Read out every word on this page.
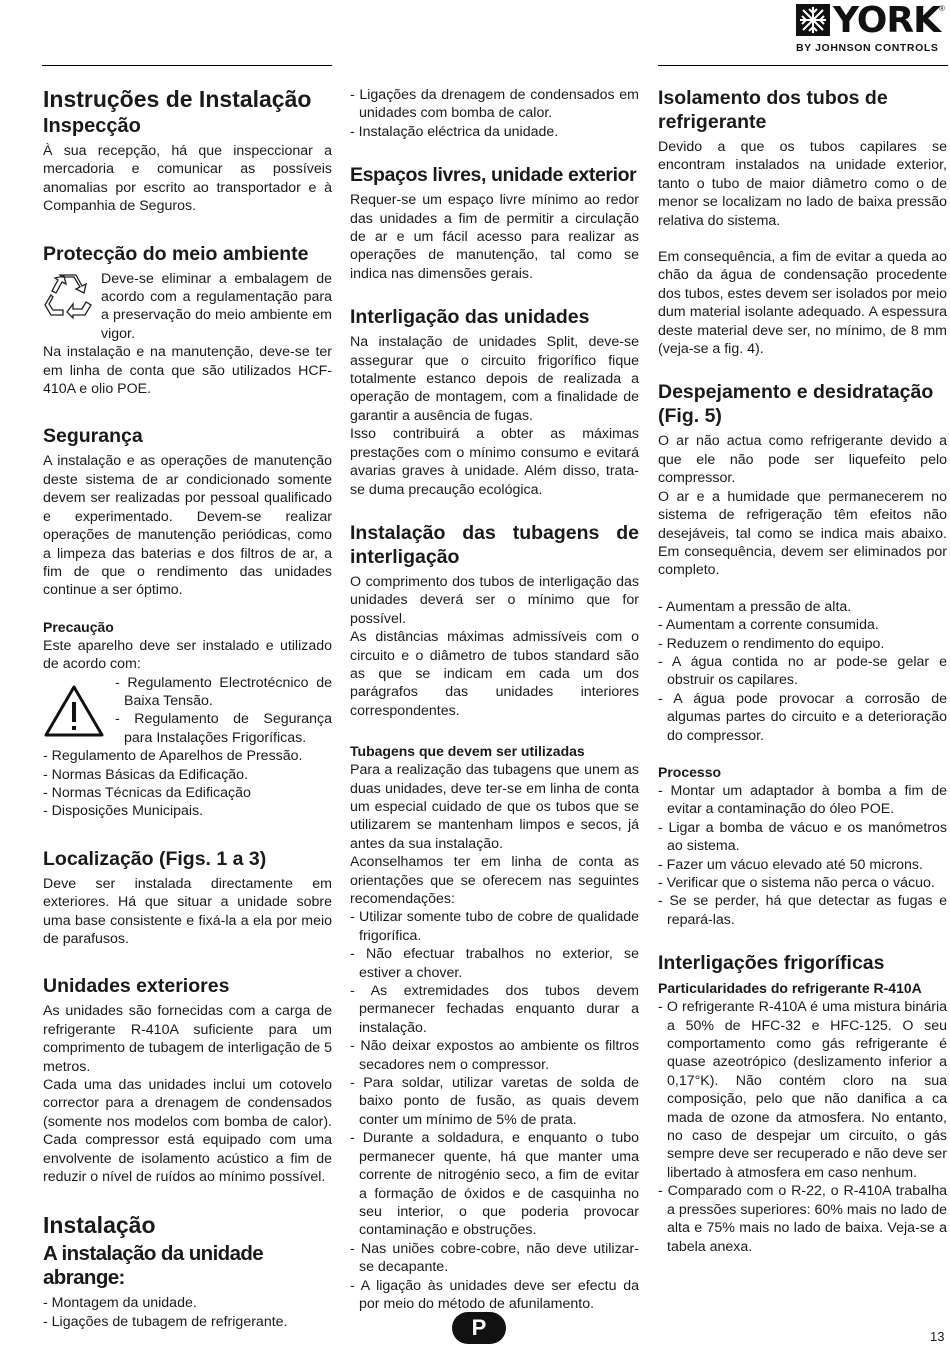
YORK
®
BY JOHNSON CONTROLS
Instruções de Instalação
Inspecção

À sua recepção, há que inspeccionar a mercadoria e comunicar as possíveis anomalias por escrito ao transportador e à Companhia de Seguros.

Protecção do meio ambiente

Deve-se eliminar a embalagem de acordo com a regulamentação para a preservação do meio ambiente em vigor.

Na instalação e na manutenção, deve-se ter em linha de conta que são utilizados HCF-410A e olio POE.

Segurança

A instalação e as operações de manutenção deste sistema de ar condicionado somente devem ser realizadas por pessoal qualificado e experimentado. Devem-se realizar operações de manutenção periódicas, como a limpeza das baterias e dos filtros de ar, a fim de que o rendimento das unidades continue a ser óptimo.

Precaução

Este aparelho deve ser instalado e utilizado de acordo com:

- Regulamento Electrotécnico de Baixa Tensão.
- Regulamento de Segurança para Instalações Frigoríficas.
- Regulamento de Aparelhos de Pressão.
- Normas Básicas da Edificação.
- Normas Técnicas da Edificação
- Disposições Municipais.
Localização (Figs. 1 a 3)

Deve ser instalada directamente em exteriores. Há que situar a unidade sobre uma base consistente e fixá-la a ela por meio de parafusos.

Unidades exteriores

As unidades são fornecidas com a carga de refrigerante R-410A suficiente para um comprimento de tubagem de interligação de 5 metros.

Cada uma das unidades inclui um cotovelo corrector para a drenagem de condensados (somente nos modelos com bomba de calor). Cada compressor está equipado com uma envolvente de isolamento acústico a fim de reduzir o nível de ruídos ao mínimo possível.

Instalação
A instalação da unidade abrange:
- Montagem da unidade.
- Ligações de tubagem de refrigerante.
- Ligações da drenagem de condensados em unidades com bomba de calor.
- Instalação eléctrica da unidade.
Espaços livres, unidade exterior

Requer-se um espaço livre mínimo ao redor das unidades a fim de permitir a circulação de ar e um fácil acesso para realizar as operações de manutenção, tal como se indica nas dimensões gerais.

Interligação das unidades

Na instalação de unidades Split, deve-se assegurar que o circuito frigorífico fique totalmente estanco depois de realizada a operação de montagem, com a finalidade de garantir a ausência de fugas.

Isso contribuirá a obter as máximas prestações com o mínimo consumo e evitará avarias graves à unidade. Além disso, trata-se duma precaução ecológica.

Instalação das tubagens de interligação

O comprimento dos tubos de interligação das unidades deverá ser o mínimo que for possível.

As distâncias máximas admissíveis com o circuito e o diâmetro de tubos standard são as que se indicam em cada um dos parágrafos das unidades interiores correspondentes.

Tubagens que devem ser utilizadas

Para a realização das tubagens que unem as duas unidades, deve ter-se em linha de conta um especial cuidado de que os tubos que se utilizarem se mantenham limpos e secos, já antes da sua instalação.

Aconselhamos ter em linha de conta as orientações que se oferecem nas seguintes recomendações:

- Utilizar somente tubo de cobre de qualidade frigorífica.
- Não efectuar trabalhos no exterior, se estiver a chover.
- As extremidades dos tubos devem permanecer fechadas enquanto durar a instalação.
- Não deixar expostos ao ambiente os filtros secadores nem o compressor.
- Para soldar, utilizar varetas de solda de baixo ponto de fusão, as quais devem conter um mínimo de 5% de prata.
- Durante a soldadura, e enquanto o tubo permanecer quente, há que manter uma corrente de nitrogénio seco, a fim de evitar a formação de óxidos e de casquinha no seu interior, o que poderia provocar contaminação e obstruções.
- Nas uniões cobre-cobre, não deve utilizar- se decapante.
- A ligação às unidades deve ser efectu da por meio do método de afunilamento.
Isolamento dos tubos de refrigerante

Devido a que os tubos capilares se encontram instalados na unidade exterior, tanto o tubo de maior diâmetro como o de menor se localizam no lado de baixa pressão relativa do sistema.

Em consequência, a fim de evitar a queda ao chão da água de condensação procedente dos tubos, estes devem ser isolados por meio dum material isolante adequado. A espessura deste material deve ser, no mínimo, de 8 mm (veja-se a fig. 4).

Despejamento e desidratação (Fig. 5)

O ar não actua como refrigerante devido a que ele não pode ser liquefeito pelo compressor.

O ar e a humidade que permanecerem no sistema de refrigeração têm efeitos não desejáveis, tal como se indica mais abaixo. Em consequência, devem ser eliminados por completo.

- Aumentam a pressão de alta.
- Aumentam a corrente consumida.
- Reduzem o rendimento do equipo.
- A água contida no ar pode-se gelar e obstruir os capilares.
- A água pode provocar a corrosão de algumas partes do circuito e a deterioração do compressor.
Processo
- Montar um adaptador à bomba a fim de evitar a contaminação do óleo POE.
- Ligar a bomba de vácuo e os manómetros ao sistema.
- Fazer um vácuo elevado até 50 microns.
- Verificar que o sistema não perca o vácuo.
- Se se perder, há que detectar as fugas e repará-las.
Interligações frigoríficas
Particularidades do refrigerante R-410A
- O refrigerante R-410A é uma mistura binária a 50% de HFC-32 e HFC-125. O seu comportamento como gás refrigerante é quase azeotrópico (deslizamento inferior a 0,17°K). Não contém cloro na sua composição, pelo que não danifica a ca mada de ozone da atmosfera. No entanto, no caso de despejar um circuito, o gás sempre deve ser recuperado e não deve ser libertado à atmosfera em caso nenhum.
- Comparado com o R-22, o R-410A trabalha a pressões superiores: 60% mais no lado de alta e 75% mais no lado de baixa. Veja-se a tabela anexa.
P	13
